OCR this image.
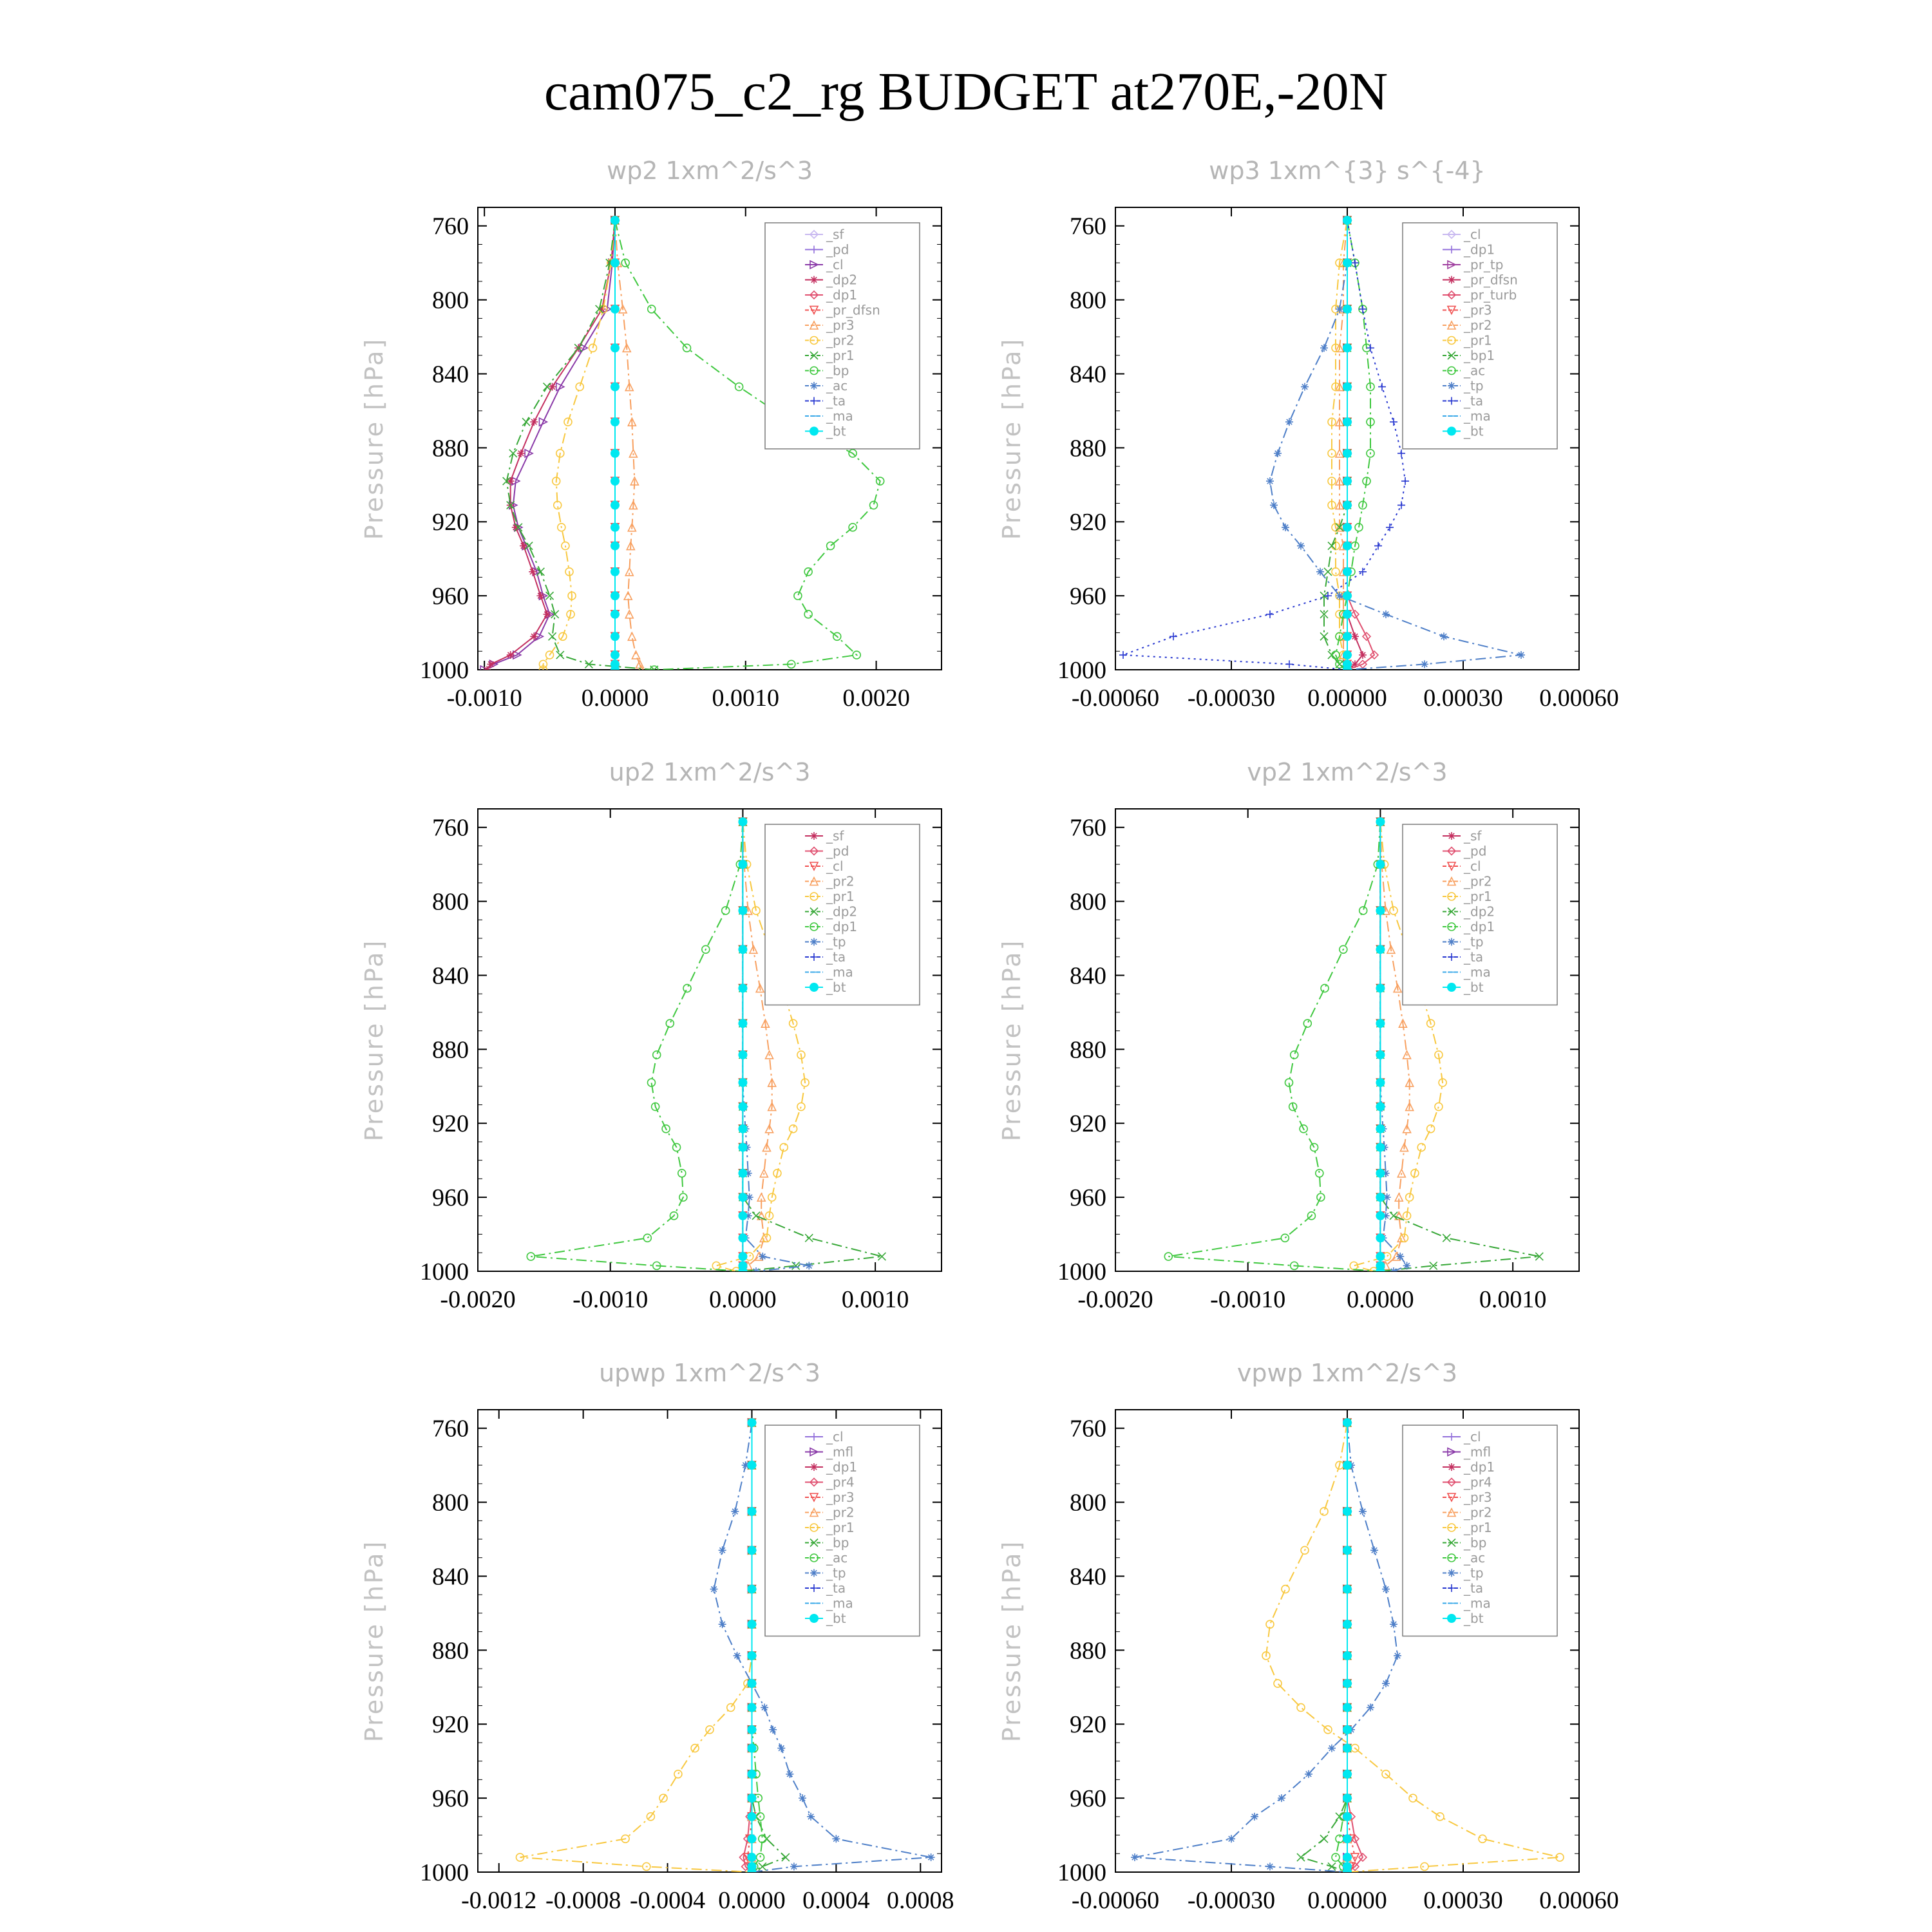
cam075_c2_rg BUDGET at270E,-20N
wp2 1xm^2/s^3
Pressure [hPa]
760
800
840
880
920
960
1000
-0.0010 0.0000	0.0010	0.0020
_sf
_pd
_cl
_dp2
_dp1
_pr_dfsn
_pr3
_pr2
_pr1
_bp
_ac
_ta
_ma
_bt
wp3 1xm^{3} s^{-4}
Pressure [hPa]
760
800
840
880
920
960
1000
-0.00060 -0.00030 0.00000 0.00030 0.00060
_cl
_dp1
_pr_tp
_pr_dfsn
_pr_turb
_pr3
_pr2
_pr1
_bp1
_ac
_tp
_ta
_ma
_bt
up2 1xm^2/s^3
Pressure [hPa]
760
800
840
880
920
960
1000
-0.0020 -0.0010 0.0000	0.0010
_sf
_pd
_cl
_pr2
_pr1
_dp2
_dp1
_tp
_ta
_ma
_bt
vp2 1xm^2/s^3
Pressure [hPa]
760
800
840
880
920
960
1000
-0.0020 -0.0010 0.0000	0.0010
_sf
_pd
_cl
_pr2
_pr1
_dp2
_dp1
_tp
_ta
_ma
_bt
upwp 1xm^2/s^3
Pressure [hPa]
760
800
840
880
920
960
1000
-0.0012 -0.0008 -0.0004 0.0000 0.0004 0.0008
_cl
_mfl
_dp1
_pr4
_pr3
_pr2
_pr1
_bp
_ac
_tp
_ta
_ma
_bt
vpwp 1xm^2/s^3
Pressure [hPa]
760
800
840
880
920
960
1000
-0.00060 -0.00030 0.00000 0.00030 0.00060
_cl
_mfl
_dp1
_pr4
_pr3
_pr2
_pr1
_bp
_ac
_tp
_ta
_ma
_bt
